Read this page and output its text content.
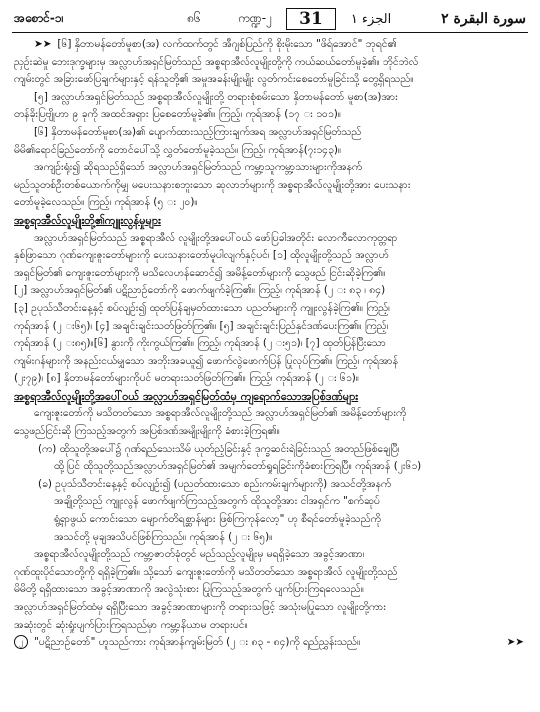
အစောင်-၁၊	၈၆	ကဏ္ဍ-၂	31	الجزء ١	سورة البقرة ٢
➤➤ [၆] နှိတာမန်တော်မူစာ(အ) လက်ထက်တွင် အီဂျစ်ပြည်ကို စိုးမိုးသော "ဖိရ်အောင်" ဘုရင်၏
ညှဉ်းဆဲမှု ဘေးဒုက္ခများမှ အလ္လာဟ်အရှင်မြတ်သည် အစ္စရာအီလ်လူမျိုးတို့ကို ကယ်ဆယ်တော်မူခဲ့၏။ ဘိုင်ဘဲလ်
ကျမ်းတွင် အခြားဖော်ပြချက်များနှင့် ရန်သူတို့၏ အမှုအခန်းမျိုးမျိုး လွတ်ကင်းစေတော်မူခြင်းသို့ တွေ့ရှိရသည်။
[၅] အလ္လာဟ်အရှင်မြတ်သည် အစ္စရာအီလ်လူမျိုးတို့ တရားစုံစမ်းသော နှိတာမန်တော် မူစာ(အ)အား
တန်ခိုးပြဗျိုဟာ ၉ ခုကို အထင်အရှား ပြစေတော်မူခဲ့၏။ ကြည့်၊ ကုရ်အာန် (၁၇ း ၁၀၁)။
[၆] နှိတာမန်တော်မူစာ(အ)၏ ပျောက်ထားသည့်ကြားချက်အရ အလ္လာဟ်အရှင်မြတ်သည်
မိမိ၏ရောင်ခြည်တော်ကို တောင်ပေါ်သို့ လွှတ်တော်မူခဲ့သည်။ ကြည့်၊ ကုရ်အာန်(၇း၁၄၃)။
အကျဉ်းရုံး၍ ဆိုရသည်ရှိသော် အလ္လာဟ်အရှင်မြတ်သည် ကမ္ဘာ့သူကမ္ဘာ့သားများကိုအနက်
မည်သူတစ်ဦးတစ်ယောက်ကိုမျှ မပေးသနားစဘူးသော ဆုလာဘ်များကို အစ္စရာအီလ်လူမျိုးတို့အား ပေးသနား
တော်မူခဲ့လေသည်။ ကြည့်၊ ကုရ်အာန် (၅ း ၂၀)။
အစ္စရာအီလ်လူမျိုးတို့၏ကျူးလွန်မှုများ
အလ္လာဟ်အရှင်မြတ်သည် အစ္စရာအီလ် လူမျိုးတို့အပေါ်ဝယ် ဖော်ပြခါအတိုင်း လောကီလောကုတ္တရာ
နှစ်ဖြာသော ဂုဏ်ကျေးဇူးတော်များကို ပေးသနားတော်မူပါလျက်နှင့်ပင်၊ [၁] ထိုလူမျိုးတို့သည် အလ္လာဟ်
အရှင်မြတ်၏ ကျေးဇူးတော်များကို မသိလေဟန်ဆောင်၍ အမိန့်တော်များကို သွေဖည် ငြင်းဆိုခဲ့ကြ၏။
[၂] အလ္လာဟ်အရှင်မြတ်၏ ပဋိညာဉ်တော်ကို ဖောက်ဖျက်ခဲ့ကြ၏။ ကြည့်၊ ကုရ်အာန် (၂ း ၈၃ ၊ ၈၄)
[၃] ဥပုသ်သီတင်းနေ့နှင့် စပ်လျဉ်း၍ ထုတ်ပြန်ချမှတ်ထားသော ပညတ်များကို ကျူးလွန်ခဲ့ကြ၏။ ကြည့်၊
ကုရ်အာန် (၂ း၆၅)၊ [၄] အချင်းချင်းသတ်ဖြတ်ကြ၏။ [၅] အချင်းချင်းပြည်နှင်ဒဏ်ပေးကြ၏။ ကြည့်၊
ကုရ်အာန် (၂ း၈၅)။[၆] နွားကို ကိုးကွယ်ကြ၏။ ကြည့်၊ ကုရ်အာန် (၂ း၅၁)၊ [၇] ထုတ်ပြန်ပြီးသော
ကျမ်းဂန်များကို အနည်းငယ်မျှသော အဘိုးအခယူ၍ ဖောက်လွဲဖောက်ပြန် ပြုလုပ်ကြ၏။ ကြည့်၊ ကုရ်အာန်
(၂း၇၉)၊ [၈] နှိတာမန်တော်များကိုပင် မတရားသတ်ဖြတ်ကြ၏။ ကြည့်၊ ကုရ်အာန် (၂ း ၆၁)။
အစ္စရာအီလ်လူမျိုးတို့အပေါ်ဝယ် အလ္လာဟ်အရှင်မြတ်ထံမှ ကျရောက်သောအပြစ်ဒဏ်များ
ကျေးဇူးတော်ကို မသိတတ်သော အစ္စရာအီလ်လူမျိုးတို့သည် အလ္လာဟ်အရှင်မြတ်၏ အမိန့်တော်များကို
သွေဖည်ငြင်းဆို ကြသည့်အတွက် အပြစ်ဒဏ်အမျိုးမျိုးကို ခံစားခဲ့ကြရ၏။
(က) ထိုသူတို့အပေါ်၌ ဂုဏ်ရည်သေးသိမ် ယုတ်ညံ့ခြင်းနှင့် ဒုက္ခဆင်းရဲခြင်းသည် အတည်ဖြစ်ချေပြီ၊
ထို့ပြင် ထိုသူတို့သည်အလ္လာဟ်အရှင်မြတ်၏ အမျက်တော်ရှုရခြင်းကိုခံစားကြရပြီ။ ကုရ်အာန် (၂း၆၁)
(ခ) ဥပုသ်သီတင်းနေ့နှင့် စပ်လျဉ်း၍ (ပညတ်ထားသော စည်းကမ်းချက်များကို) အသင်တို့အနက်
အချို့တို့သည် ကျူးလွန် ဖောက်ဖျက်ကြသည့်အတွက် ထိုသူတို့အား ငါအရှင်က "စက်ဆုပ်
ရွံ့ရှာဖွယ် ကောင်းသော မျောက်တိရစ္ဆာန်များ ဖြစ်ကြကုန်လော့" ဟု စီရင်တော်မူခဲ့သည်ကို
အသင်တို့ မုချအသိပင်ဖြစ်ကြသည်။ ကုရ်အာန် (၂ း ၆၅)။
အစ္စရာအီလ်လူမျိုးတို့သည် ကမ္ဘာ့ဇာတ်ခုံတွင် မည်သည့်လူမျိုးမှ မရရှိခဲ့သော အခွင့်အာဏာ၊
ဂုဏ်ထူးပိုင်သောတို့ကို ရရှိခဲ့ကြ၏။ သို့သော် ကျေးဇူးတော်ကို မသိတတ်သော အစ္စရာအီလ် လူမျိုးတို့သည်
မိမိတို့ ရရှိထားသော အခွင့်အာဏာကို အလွဲသုံးစား ပြုကြသည့်အတွက် ပျက်ပြားကြရလေသည်။
အလ္လာဟ်အရှင်မြတ်ထံမှ ရရှိပြီးသော အခွင့်အာဏာများကို တရားသဖြင့် အသုံးမပြုသော လူမျိုးတို့ကား
အဆုံးတွင် ဆုံးရှုံးပျက်ပြားကြရသည်မှာ ကမ္ဘာ့နိယာမ တရားပင်။
၂ "ပဋိညာဉ်တော်" ဟူသည်ကား ကုရ်အာန်ကျမ်းမြတ် (၂ း ၈၃ - ၈၄)ကို ရည်ညွှန်းသည်။	➤➤
